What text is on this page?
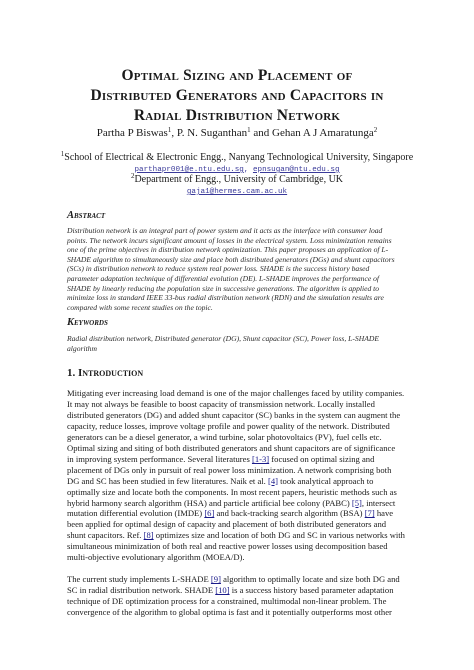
Optimal Sizing and Placement of
Distributed Generators and Capacitors in
Radial Distribution Network
Partha P Biswas$^1$, P. N. Suganthan$^1$ and Gehan A J Amaratunga$^2$
$^1$School of Electrical & Electronic Engg., Nanyang Technological University, Singapore
parthapr001@e.ntu.edu.sg, epnsugan@ntu.edu.sg
$^2$Department of Engg., University of Cambridge, UK
gaja1@hermes.cam.ac.uk
Abstract
Distribution network is an integral part of power system and it acts as the interface with consumer load
points. The network incurs significant amount of losses in the electrical system. Loss minimization remains
one of the prime objectives in distribution network optimization. This paper proposes an application of L-
SHADE algorithm to simultaneously size and place both distributed generators (DGs) and shunt capacitors
(SCs) in distribution network to reduce system real power loss. SHADE is the success history based
parameter adaptation technique of differential evolution (DE). L-SHADE improves the performance of
SHADE by linearly reducing the population size in successive generations. The algorithm is applied to
minimize loss in standard IEEE 33-bus radial distribution network (RDN) and the simulation results are
compared with some recent studies on the topic.
Keywords
Radial distribution network, Distributed generator (DG), Shunt capacitor (SC), Power loss, L-SHADE
algorithm
1. Introduction
Mitigating ever increasing load demand is one of the major challenges faced by utility companies.
It may not always be feasible to boost capacity of transmission network. Locally installed
distributed generators (DG) and added shunt capacitor (SC) banks in the system can augment the
capacity, reduce losses, improve voltage profile and power quality of the network. Distributed
generators can be a diesel generator, a wind turbine, solar photovoltaics (PV), fuel cells etc.
Optimal sizing and siting of both distributed generators and shunt capacitors are of significance
in improving system performance. Several literatures [1-3] focused on optimal sizing and
placement of DGs only in pursuit of real power loss minimization. A network comprising both
DG and SC has been studied in few literatures. Naik et al. [4] took analytical approach to
optimally size and locate both the components. In most recent papers, heuristic methods such as
hybrid harmony search algorithm (HSA) and particle artificial bee colony (PABC) [5], intersect
mutation differential evolution (IMDE) [6] and back-tracking search algorithm (BSA) [7] have
been applied for optimal design of capacity and placement of both distributed generators and
shunt capacitors. Ref. [8] optimizes size and location of both DG and SC in various networks with
simultaneous minimization of both real and reactive power losses using decomposition based
multi-objective evolutionary algorithm (MOEA/D).
The current study implements L-SHADE [9] algorithm to optimally locate and size both DG and
SC in radial distribution network. SHADE [10] is a success history based parameter adaptation
technique of DE optimization process for a constrained, multimodal non-linear problem. The
convergence of the algorithm to global optima is fast and it potentially outperforms most other
